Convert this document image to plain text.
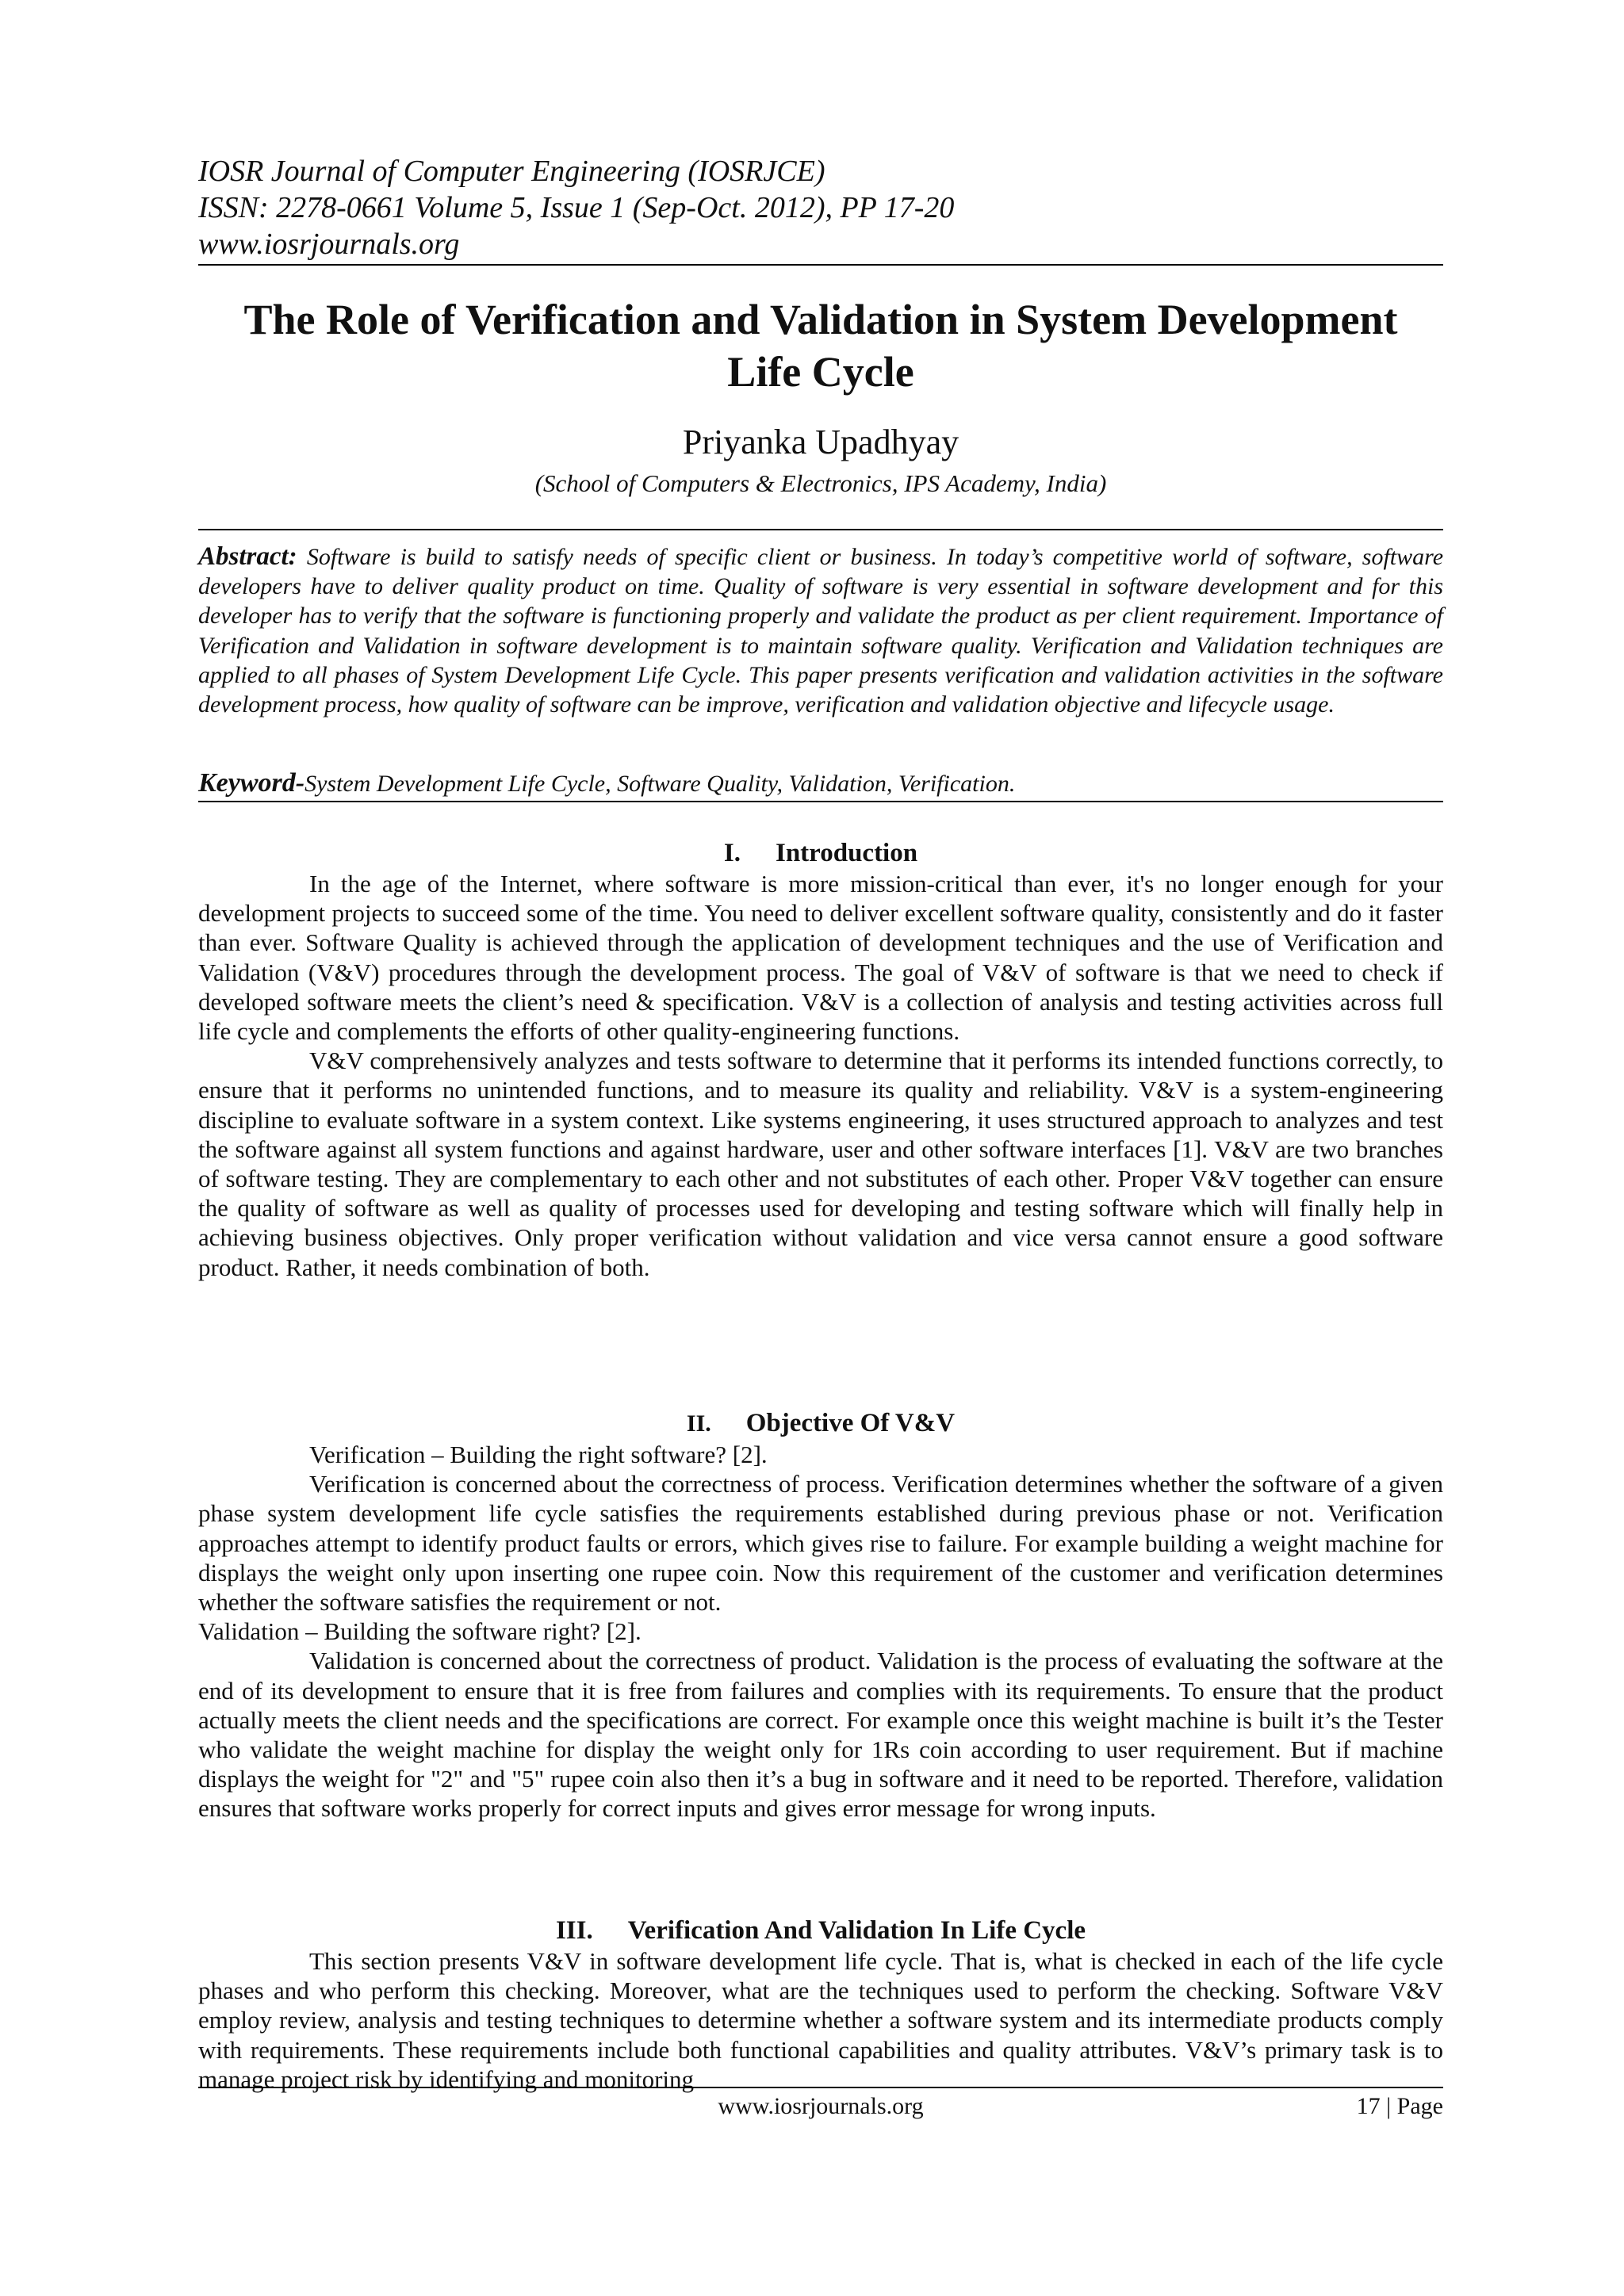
IOSR Journal of Computer Engineering (IOSRJCE)
ISSN: 2278-0661 Volume 5, Issue 1 (Sep-Oct. 2012), PP 17-20
www.iosrjournals.org
The Role of Verification and Validation in System Development
Life Cycle
Priyanka Upadhyay
(School of Computers & Electronics, IPS Academy, India)
Abstract: Software is build to satisfy needs of specific client or business. In today’s competitive world of software, software developers have to deliver quality product on time. Quality of software is very essential in software development and for this developer has to verify that the software is functioning properly and validate the product as per client requirement. Importance of Verification and Validation in software development is to maintain software quality. Verification and Validation techniques are applied to all phases of System Development Life Cycle. This paper presents verification and validation activities in the software development process, how quality of software can be improve, verification and validation objective and lifecycle usage.
Keyword-System Development Life Cycle, Software Quality, Validation, Verification.
I. Introduction

In the age of the Internet, where software is more mission-critical than ever, it's no longer enough for your development projects to succeed some of the time. You need to deliver excellent software quality, consistently and do it faster than ever. Software Quality is achieved through the application of development techniques and the use of Verification and Validation (V&V) procedures through the development process. The goal of V&V of software is that we need to check if developed software meets the client’s need & specification. V&V is a collection of analysis and testing activities across full life cycle and complements the efforts of other quality-engineering functions.

V&V comprehensively analyzes and tests software to determine that it performs its intended functions correctly, to ensure that it performs no unintended functions, and to measure its quality and reliability. V&V is a system-engineering discipline to evaluate software in a system context. Like systems engineering, it uses structured approach to analyzes and test the software against all system functions and against hardware, user and other software interfaces [1]. V&V are two branches of software testing. They are complementary to each other and not substitutes of each other. Proper V&V together can ensure the quality of software as well as quality of processes used for developing and testing software which will finally help in achieving business objectives. Only proper verification without validation and vice versa cannot ensure a good software product. Rather, it needs combination of both.

II. Objective Of V&V

Verification – Building the right software? [2].

Verification is concerned about the correctness of process. Verification determines whether the software of a given phase system development life cycle satisfies the requirements established during previous phase or not. Verification approaches attempt to identify product faults or errors, which gives rise to failure. For example building a weight machine for displays the weight only upon inserting one rupee coin. Now this requirement of the customer and verification determines whether the software satisfies the requirement or not.

Validation – Building the software right? [2].

Validation is concerned about the correctness of product. Validation is the process of evaluating the software at the end of its development to ensure that it is free from failures and complies with its requirements. To ensure that the product actually meets the client needs and the specifications are correct. For example once this weight machine is built it’s the Tester who validate the weight machine for display the weight only for 1Rs coin according to user requirement. But if machine displays the weight for "2" and "5" rupee coin also then it’s a bug in software and it need to be reported. Therefore, validation ensures that software works properly for correct inputs and gives error message for wrong inputs.

III. Verification And Validation In Life Cycle

This section presents V&V in software development life cycle. That is, what is checked in each of the life cycle phases and who perform this checking. Moreover, what are the techniques used to perform the checking. Software V&V employ review, analysis and testing techniques to determine whether a software system and its intermediate products comply with requirements. These requirements include both functional capabilities and quality attributes. V&V’s primary task is to manage project risk by identifying and monitoring

www.iosrjournals.org	17 | Page
